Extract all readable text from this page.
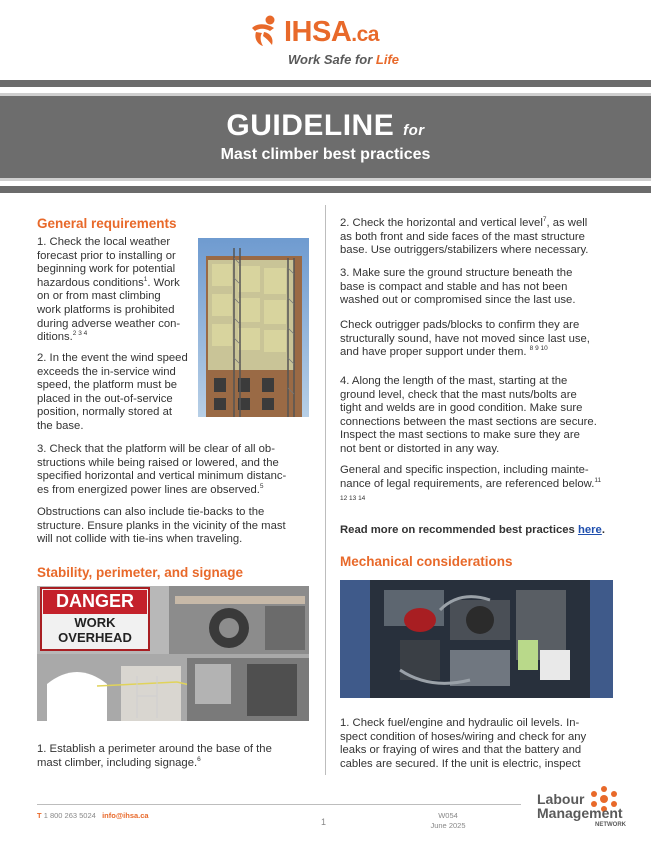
IHSA.ca
Work Safe for Life
GUIDELINE for
Mast climber best practices
General requirements

1. Check the local weather
forecast prior to installing or
beginning work for potential
hazardous conditions$^1$. Work
on or from mast climbing
work platforms is prohibited
during adverse weather con-
ditions.$^{2 3 4}$

2. In the event the wind speed
exceeds the in-service wind
speed, the platform must be
placed in the out-of-service
position, normally stored at
the base.

3. Check that the platform will be clear of all ob-
structions while being raised or lowered, and the
specified horizontal and vertical minimum distanc-
es from energized power lines are observed.$^5$

Obstructions can also include tie-backs to the
structure. Ensure planks in the vicinity of the mast
will not collide with tie-ins when traveling.

Stability, perimeter, and signage
DANGER
WORK
OVERHEAD

1. Establish a perimeter around the base of the
mast climber, including signage.$^6$

2. Check the horizontal and vertical level$^7$, as well
as both front and side faces of the mast structure
base. Use outriggers/stabilizers where necessary.

3. Make sure the ground structure beneath the
base is compact and stable and has not been
washed out or compromised since the last use.

Check outrigger pads/blocks to confirm they are
structurally sound, have not moved since last use,
and have proper support under them. $^{8 9 10}$

4. Along the length of the mast, starting at the
ground level, check that the mast nuts/bolts are
tight and welds are in good condition. Make sure
connections between the mast sections are secure.
Inspect the mast sections to make sure they are
not bent or distorted in any way.

General and specific inspection, including mainte-
nance of legal requirements, are referenced below.$^{11}$
12 13 14

Read more on recommended best practices here.

Mechanical considerations

1. Check fuel/engine and hydraulic oil levels. In-
spect condition of hoses/wiring and check for any
leaks or fraying of wires and that the battery and
cables are secured. If the unit is electric, inspect

T 1 800 263 5024 info@ihsa.ca
1
W054
June 2025
Labour
Management
NETWORK
